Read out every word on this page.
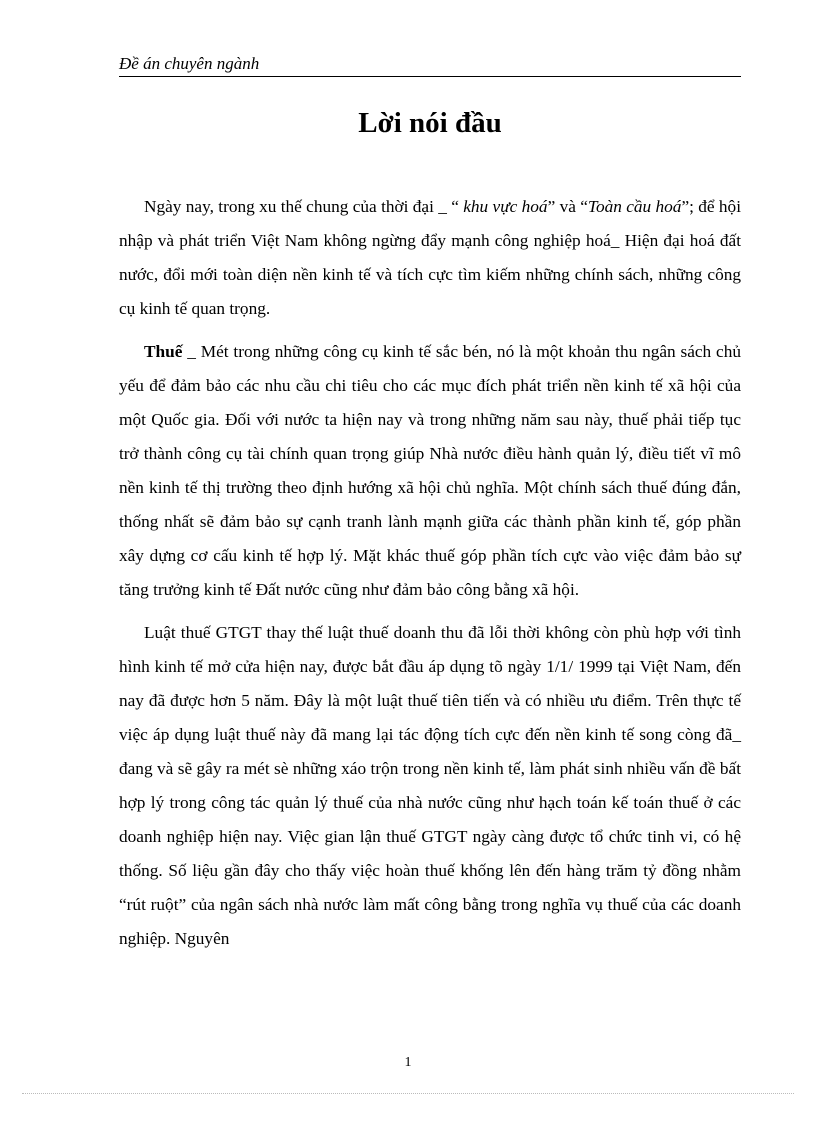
Đề án chuyên ngành
Lời nói đầu

Ngày nay, trong xu thế chung của thời đại _ “ khu vực hoá” và “Toàn cầu hoá”; để hội nhập và phát triển Việt Nam không ngừng đẩy mạnh công nghiệp hoá_ Hiện đại hoá đất nước, đổi mới toàn diện nền kinh tế và tích cực tìm kiếm những chính sách, những công cụ kinh tế quan trọng.

Thuế _ Mét trong những công cụ kinh tế sắc bén, nó là một khoản thu ngân sách chủ yếu để đảm bảo các nhu cầu chi tiêu cho các mục đích phát triển nền kinh tế xã hội của một Quốc gia. Đối với nước ta hiện nay và trong những năm sau này, thuế phải tiếp tục trở thành công cụ tài chính quan trọng giúp Nhà nước điều hành quản lý, điều tiết vĩ mô nền kinh tế thị trường theo định hướng xã hội chủ nghĩa. Một chính sách thuế đúng đắn, thống nhất sẽ đảm bảo sự cạnh tranh lành mạnh giữa các thành phần kinh tế, góp phần xây dựng cơ cấu kinh tế hợp lý. Mặt khác thuế góp phần tích cực vào việc đảm bảo sự tăng trưởng kinh tế Đất nước cũng như đảm bảo công bằng xã hội.

Luật thuế GTGT thay thế luật thuế doanh thu đã lỗi thời không còn phù hợp với tình hình kinh tế mở cửa hiện nay, được bắt đầu áp dụng tõ ngày 1/1/ 1999 tại Việt Nam, đến nay đã được hơn 5 năm. Đây là một luật thuế tiên tiến và có nhiều ưu điểm. Trên thực tế việc áp dụng luật thuế này đã mang lại tác động tích cực đến nền kinh tế song còng đã_ đang và sẽ gây ra mét sè những xáo trộn trong nền kinh tế, làm phát sinh nhiều vấn đề bất hợp lý trong công tác quản lý thuế của nhà nước cũng như hạch toán kế toán thuế ở các doanh nghiệp hiện nay. Việc gian lận thuế GTGT ngày càng được tổ chức tinh vi, có hệ thống. Số liệu gần đây cho thấy việc hoàn thuế khống lên đến hàng trăm tỷ đồng nhằm “rút ruột” của ngân sách nhà nước làm mất công bằng trong nghĩa vụ thuế của các doanh nghiệp. Nguyên

1
